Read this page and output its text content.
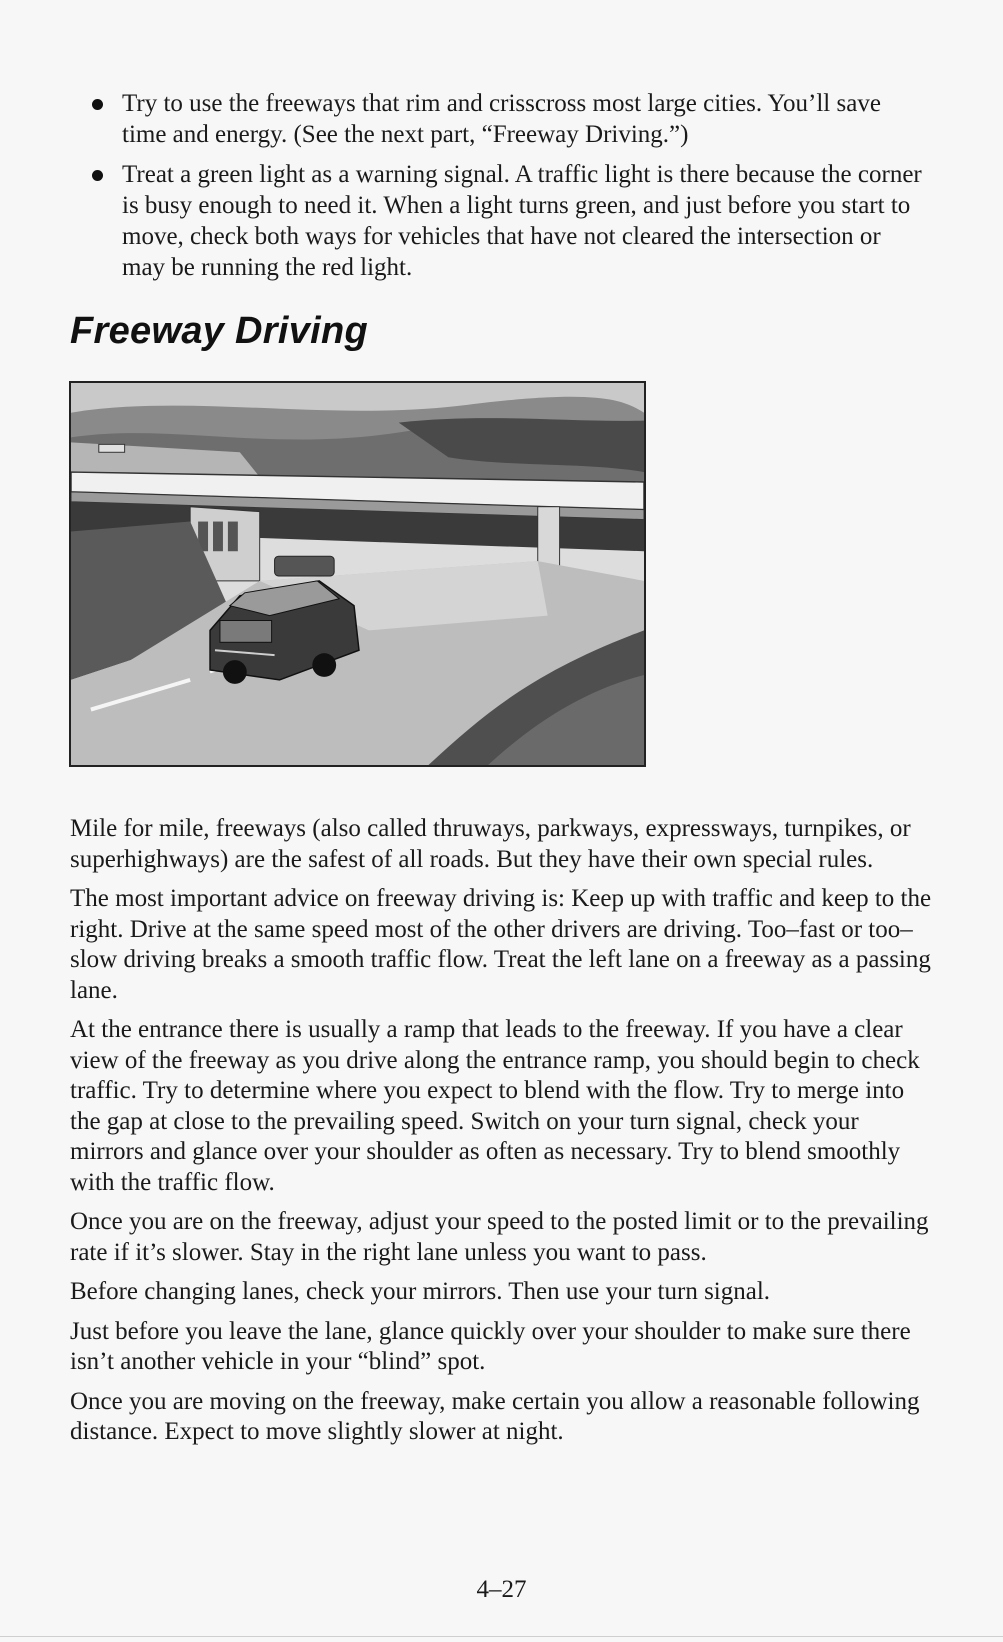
Try to use the freeways that rim and crisscross most large cities. You’ll save time and energy. (See the next part, “Freeway Driving.”)
Treat a green light as a warning signal. A traffic light is there because the corner is busy enough to need it. When a light turns green, and just before you start to move, check both ways for vehicles that have not cleared the intersection or may be running the red light.
Freeway Driving

Mile for mile, freeways (also called thruways, parkways, expressways, turnpikes, or superhighways) are the safest of all roads. But they have their own special rules.

The most important advice on freeway driving is: Keep up with traffic and keep to the right. Drive at the same speed most of the other drivers are driving. Too–fast or too–slow driving breaks a smooth traffic flow. Treat the left lane on a freeway as a passing lane.

At the entrance there is usually a ramp that leads to the freeway. If you have a clear view of the freeway as you drive along the entrance ramp, you should begin to check traffic. Try to determine where you expect to blend with the flow. Try to merge into the gap at close to the prevailing speed. Switch on your turn signal, check your mirrors and glance over your shoulder as often as necessary. Try to blend smoothly with the traffic flow.

Once you are on the freeway, adjust your speed to the posted limit or to the prevailing rate if it’s slower. Stay in the right lane unless you want to pass.

Before changing lanes, check your mirrors. Then use your turn signal.

Just before you leave the lane, glance quickly over your shoulder to make sure there isn’t another vehicle in your “blind” spot.

Once you are moving on the freeway, make certain you allow a reasonable following distance. Expect to move slightly slower at night.

4–27
